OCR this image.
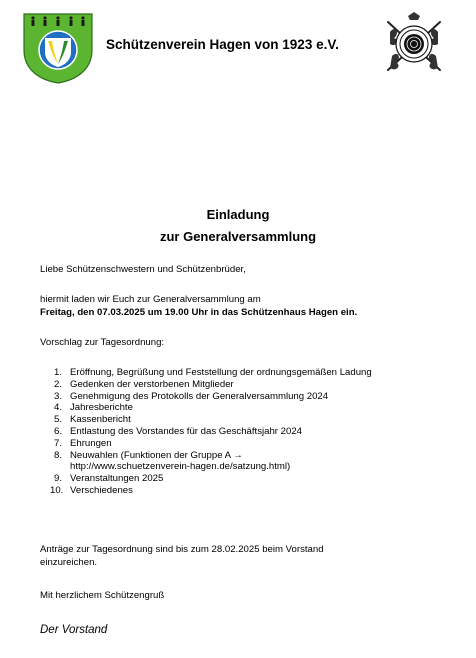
Schützenverein Hagen von 1923 e.V.
Einladung
zur Generalversammlung
Liebe Schützenschwestern und Schützenbrüder,
hiermit laden wir Euch zur Generalversammlung am
Freitag, den 07.03.2025 um 19.00 Uhr in das Schützenhaus Hagen ein.
Vorschlag zur Tagesordnung:
1. Eröffnung, Begrüßung und Feststellung der ordnungsgemäßen Ladung
2. Gedenken der verstorbenen Mitglieder
3. Genehmigung des Protokolls der Generalversammlung 2024
4. Jahresberichte
5. Kassenbericht
6. Entlastung des Vorstandes für das Geschäftsjahr 2024
7. Ehrungen
8. Neuwahlen (Funktionen der Gruppe A →
http://www.schuetzenverein-hagen.de/satzung.html)
9. Veranstaltungen 2025
10. Verschiedenes
Anträge zur Tagesordnung sind bis zum 28.02.2025 beim Vorstand
einzureichen.
Mit herzlichem Schützengruß
Der Vorstand
